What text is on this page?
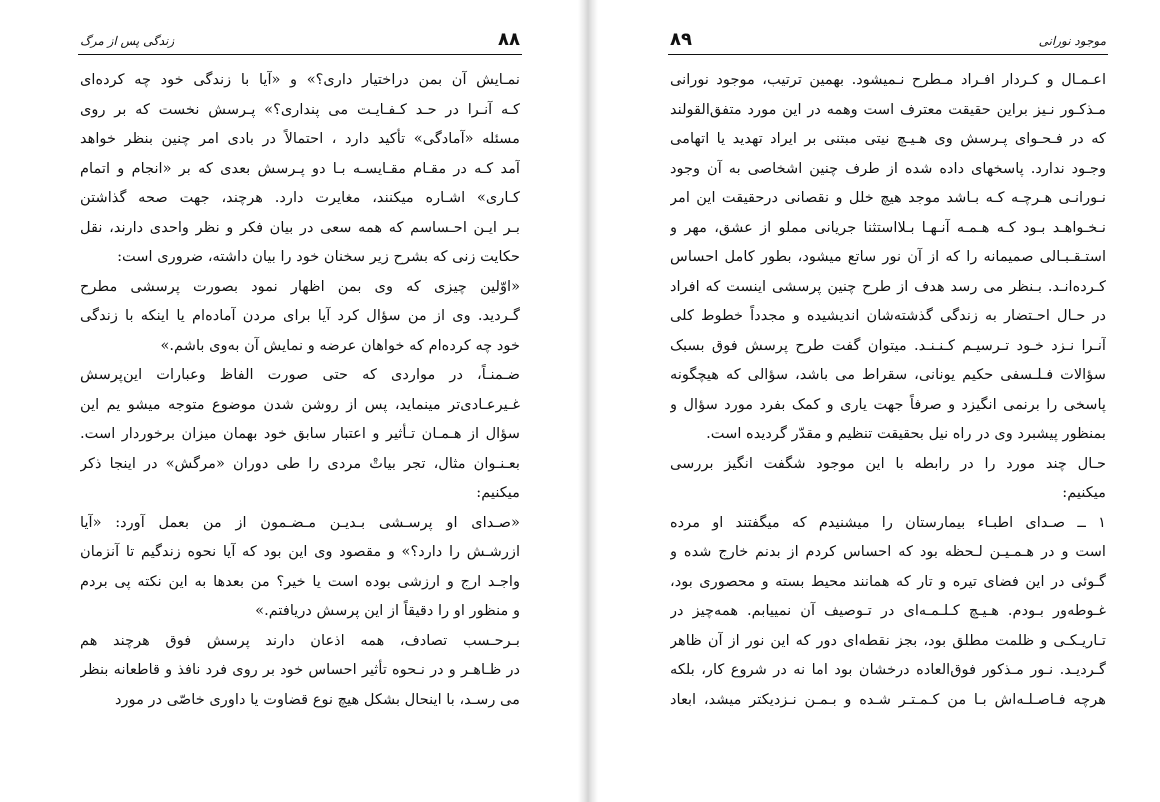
۸۸
زندگی پس از مرگ
نمـایش آن بمن دراختیار داری؟» و «آیا با زندگی خود چه کرده‌ای
کـه آنـرا در حـد کـفـایـت می پنداری؟» پـرسش نخست که بر روی
مسئله «آمادگی» تأکید دارد ، احتمالاً در بادی امر چنین بنظر خواهد
آمد کـه در مقـام مقـایسـه بـا دو پـرسش بعدی که بر «انجام و اتمام
کـاری» اشـاره میکنند، مغایرت دارد. هرچند، جهت صحه گذاشتن
بـر ایـن احـساسم که همه سعی در بیان فکر و نظر واحدی دارند، نقل
حکایت زنی که بشرح زیر سخنان خود را بیان داشته، ضروری است:
«اوّلین چیزی که وی بمن اظهار نمود بصورت پرسشی مطرح
گـردید. وی از من سؤال کرد آیا برای مردن آماده‌ام یا اینکه با زندگی
خود چه کرده‌ام که خواهان عرضه و نمایش آن به‌وی باشم.»
ضـمنـاً، در مواردی که حتی صورت الفاظ وعبارات این‌پرسش
غـیرعـادی‌تر مینماید، پس از روشن شدن موضوع متوجه میشو یم این
سؤال از هـمـان تـأثیر و اعتبار سابق خود بهمان میزان برخوردار است.
بعـنـوان مثال، تجر بیاتْ مردی را طی دوران «مرگش» در اینجا ذکر
میکنیم:
«صـدای او پرسـشی بـدیـن مـضـمون از من بعمل آورد: «آیا
ازرشـش را دارد؟» و مقصود وی این بود که آیا نحوه زندگیم تا آنزمان
واجـد ارج و ارزشی بوده است یا خیر؟ من بعدها به این نکته پی بردم
و منظور او را دقیقاً از این پرسش دریافتم.»
بـرحـسب تصادف، همه اذعان دارند پرسش فوق هرچند هم
در ظـاهـر و در نـحوه تأثیر احساس خود بر روی فرد نافذ و قاطعانه بنظر
می رسـد، با اینحال بشکل هیچ نوع قضاوت یا داوری خاصّی در مورد
۸۹	موجود نورانی
اعـمـال و کـردار افـراد مـطرح نـمیشود. بهمین ترتیب، موجود نورانی
مـذکـور نـیز براین حقیقت معترف است وهمه در این مورد متفق‌القولند
که در فـحـوای پـرسش وی هـیـچ نیتی مبتنی بر ایراد تهدید یا اتهامی
وجـود ندارد. پاسخهای داده شده از طرف چنین اشخاصی به آن وجود
نـورانـی هـرچـه کـه بـاشد موجد هیچ خلل و نقصانی درحقیقت این امر
نـخـواهـد بـود کـه هـمـه آنـهـا بـلااستثنا جریانی مملو از عشق، مهر و
استـقـبـالی صمیمانه را که از آن نور ساتع میشود، بطور کامل احساس
کـرده‌انـد. بـنظر می رسد هدف از طرح چنین پرسشی اینست که افراد
در حـال احـتضار به زندگی گذشته‌شان اندیشیده و مجدداً خطوط کلی
آنـرا نـزد خـود تـرسیـم کـنـنـد. میتوان گفت طرح پرسش فوق بسبک
سؤالات فـلـسفی حکیم یونانی، سقراط می باشد، سؤالی که هیچگونه
پاسخی را برنمی انگیزد و صرفاً جهت یاری و کمک بفرد مورد سؤال و
بمنظور پیشبرد وی در راه نیل بحقیقت تنظیم و مقدّر گردیده است.
حـال چند مورد را در رابطه با این موجود شگفت انگیز بررسی
میکنیم:
۱ ــ صـدای اطبـاء بیمارستان را میشنیدم که میگفتند او مرده
است و در هـمـیـن لـحظه بود که احساس کردم از بدنم خارج شده و
گـوئی در این فضای تیره و تار که همانند محیط بسته و محصوری بود،
غـوطه‌ور بـودم. هـیـچ کـلـمـه‌ای در تـوصیف آن نمییابم. همه‌چیز در
تـاریـکـی و ظلمت مطلق بود، بجز نقطه‌ای دور که این نور از آن ظاهر
گـردیـد. نـور مـذکور فوق‌العاده درخشان بود اما نه در شروع کار، بلکه
هرچه فـاصـلـه‌اش بـا من کـمـتـر شـده و بـمـن نـزدیکتر میشد، ابعاد
